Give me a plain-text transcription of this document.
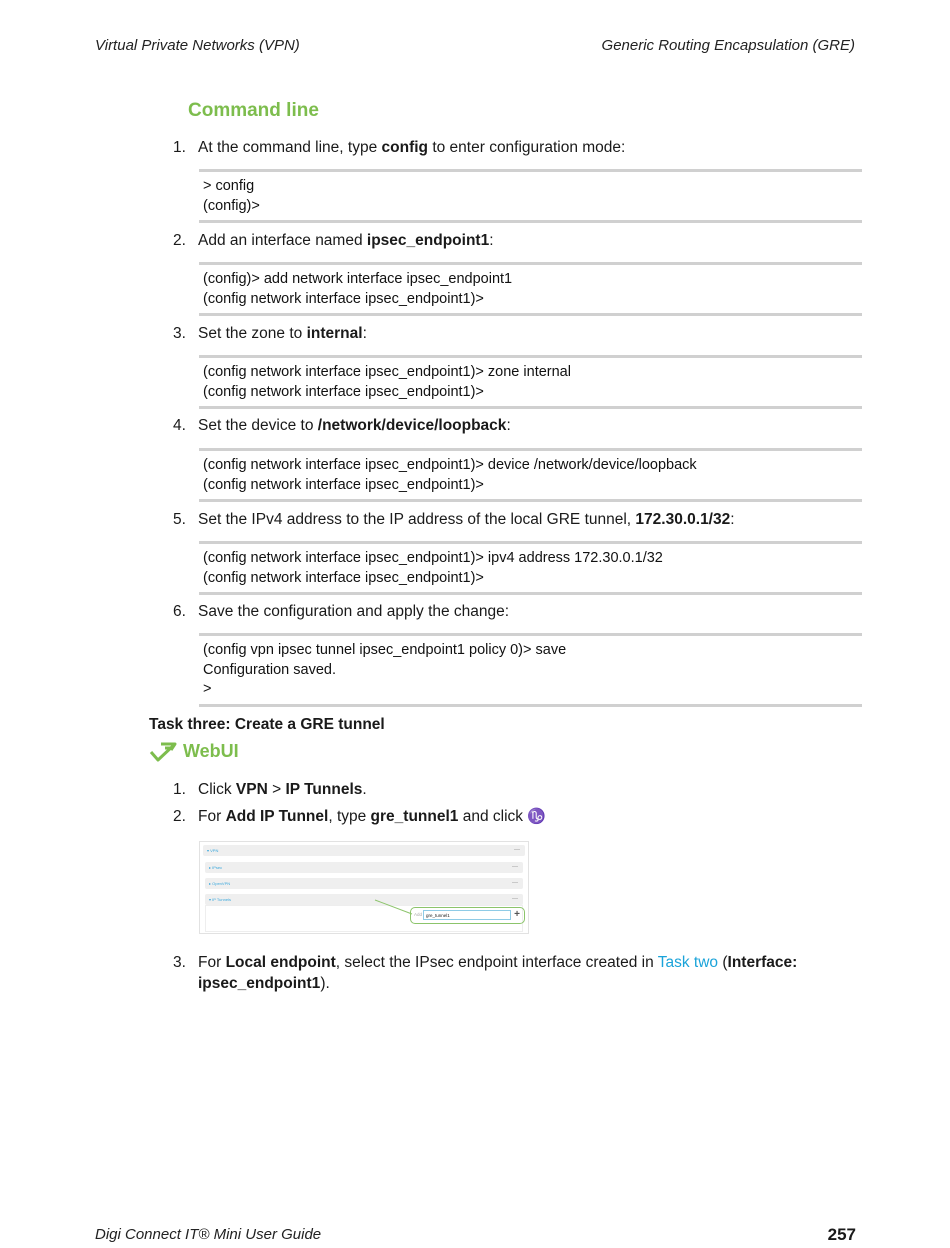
Virtual Private Networks (VPN)	Generic Routing Encapsulation (GRE)
Command line
1. At the command line, type config to enter configuration mode:
> config
(config)>
2. Add an interface named ipsec_endpoint1:
(config)> add network interface ipsec_endpoint1
(config network interface ipsec_endpoint1)>
3. Set the zone to internal:
(config network interface ipsec_endpoint1)> zone internal
(config network interface ipsec_endpoint1)>
4. Set the device to /network/device/loopback:
(config network interface ipsec_endpoint1)> device /network/device/loopback
(config network interface ipsec_endpoint1)>
5. Set the IPv4 address to the IP address of the local GRE tunnel, 172.30.0.1/32:
(config network interface ipsec_endpoint1)> ipv4 address 172.30.0.1/32
(config network interface ipsec_endpoint1)>
6. Save the configuration and apply the change:
(config vpn ipsec tunnel ipsec_endpoint1 policy 0)> save
Configuration saved.
>
Task three: Create a GRE tunnel
WebUI
1. Click VPN > IP Tunnels.
2. For Add IP Tunnel, type gre_tunnel1 and click ♑
▾ VPN	—
▸ IPsec	—
▸ OpenVPN	—
▾ IP Tunnels	—
Add gre_tunnel1	+
3. For Local endpoint, select the IPsec endpoint interface created in Task two (Interface: ipsec_endpoint1).
Digi Connect IT® Mini User Guide	257
